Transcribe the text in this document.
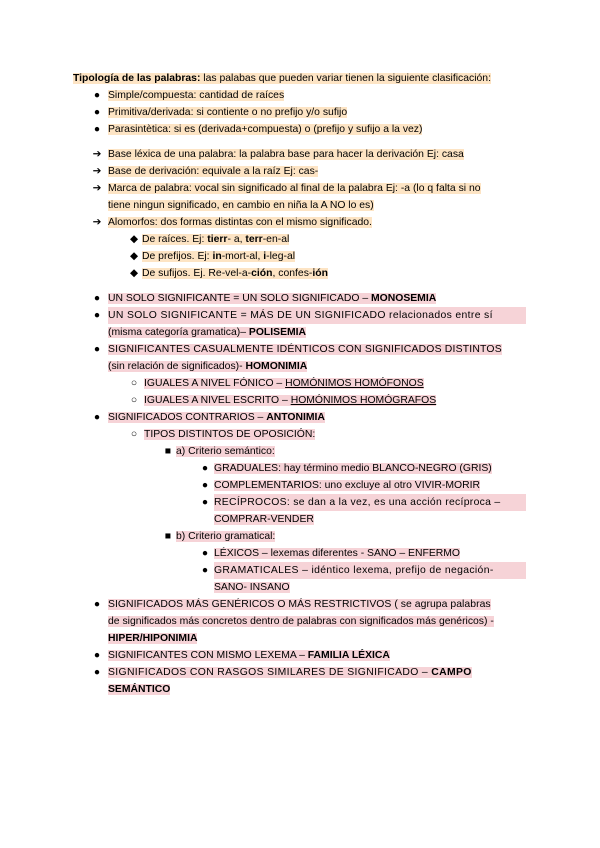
Tipología de las palabras: las palabas que pueden variar tienen la siguiente clasificación:
● Simple/compuesta: cantidad de raíces
● Primitiva/derivada: si contiente o no prefijo y/o sufijo
● Parasintètica: si es (derivada+compuesta) o (prefijo y sufijo a la vez)
➔ Base léxica de una palabra: la palabra base para hacer la derivación Ej: casa
➔ Base de derivación: equivale a la raíz Ej: cas-
➔ Marca de palabra: vocal sin significado al final de la palabra Ej: -a (lo q falta si no
tiene ningun significado, en cambio en niña la A NO lo es)
➔ Alomorfos: dos formas distintas con el mismo significado.
◆ De raíces. Ej: tierr- a, terr-en-al
◆ De prefijos. Ej: in-mort-al, i-leg-al
◆ De sufijos. Ej. Re-vel-a-ción, confes-ión
● UN SOLO SIGNIFICANTE = UN SOLO SIGNIFICADO – MONOSEMIA
● UN SOLO SIGNIFICANTE = MÁS DE UN SIGNIFICADO relacionados entre sí
(misma categoría gramatica)– POLISEMIA
● SIGNIFICANTES CASUALMENTE IDÉNTICOS CON SIGNIFICADOS DISTINTOS
(sin relación de significados)- HOMONIMIA
○ IGUALES A NIVEL FÓNICO – HOMÓNIMOS HOMÓFONOS
○ IGUALES A NIVEL ESCRITO – HOMÓNIMOS HOMÓGRAFOS
● SIGNIFICADOS CONTRARIOS – ANTONIMIA
○ TIPOS DISTINTOS DE OPOSICIÓN:
■ a) Criterio semántico:
● GRADUALES: hay término medio BLANCO-NEGRO (GRIS)
● COMPLEMENTARIOS: uno excluye al otro VIVIR-MORIR
● RECÍPROCOS: se dan a la vez, es una acción recíproca –
COMPRAR-VENDER
■ b) Criterio gramatical:
● LÉXICOS – lexemas diferentes - SANO – ENFERMO
● GRAMATICALES – idéntico lexema, prefijo de negación-
SANO- INSANO
● SIGNIFICADOS MÁS GENÉRICOS O MÁS RESTRICTIVOS ( se agrupa palabras
de significados más concretos dentro de palabras con significados más genéricos) -
HIPER/HIPONIMIA
● SIGNIFICANTES CON MISMO LEXEMA – FAMILIA LÉXICA
● SIGNIFICADOS CON RASGOS SIMILARES DE SIGNIFICADO – CAMPO
SEMÁNTICO
